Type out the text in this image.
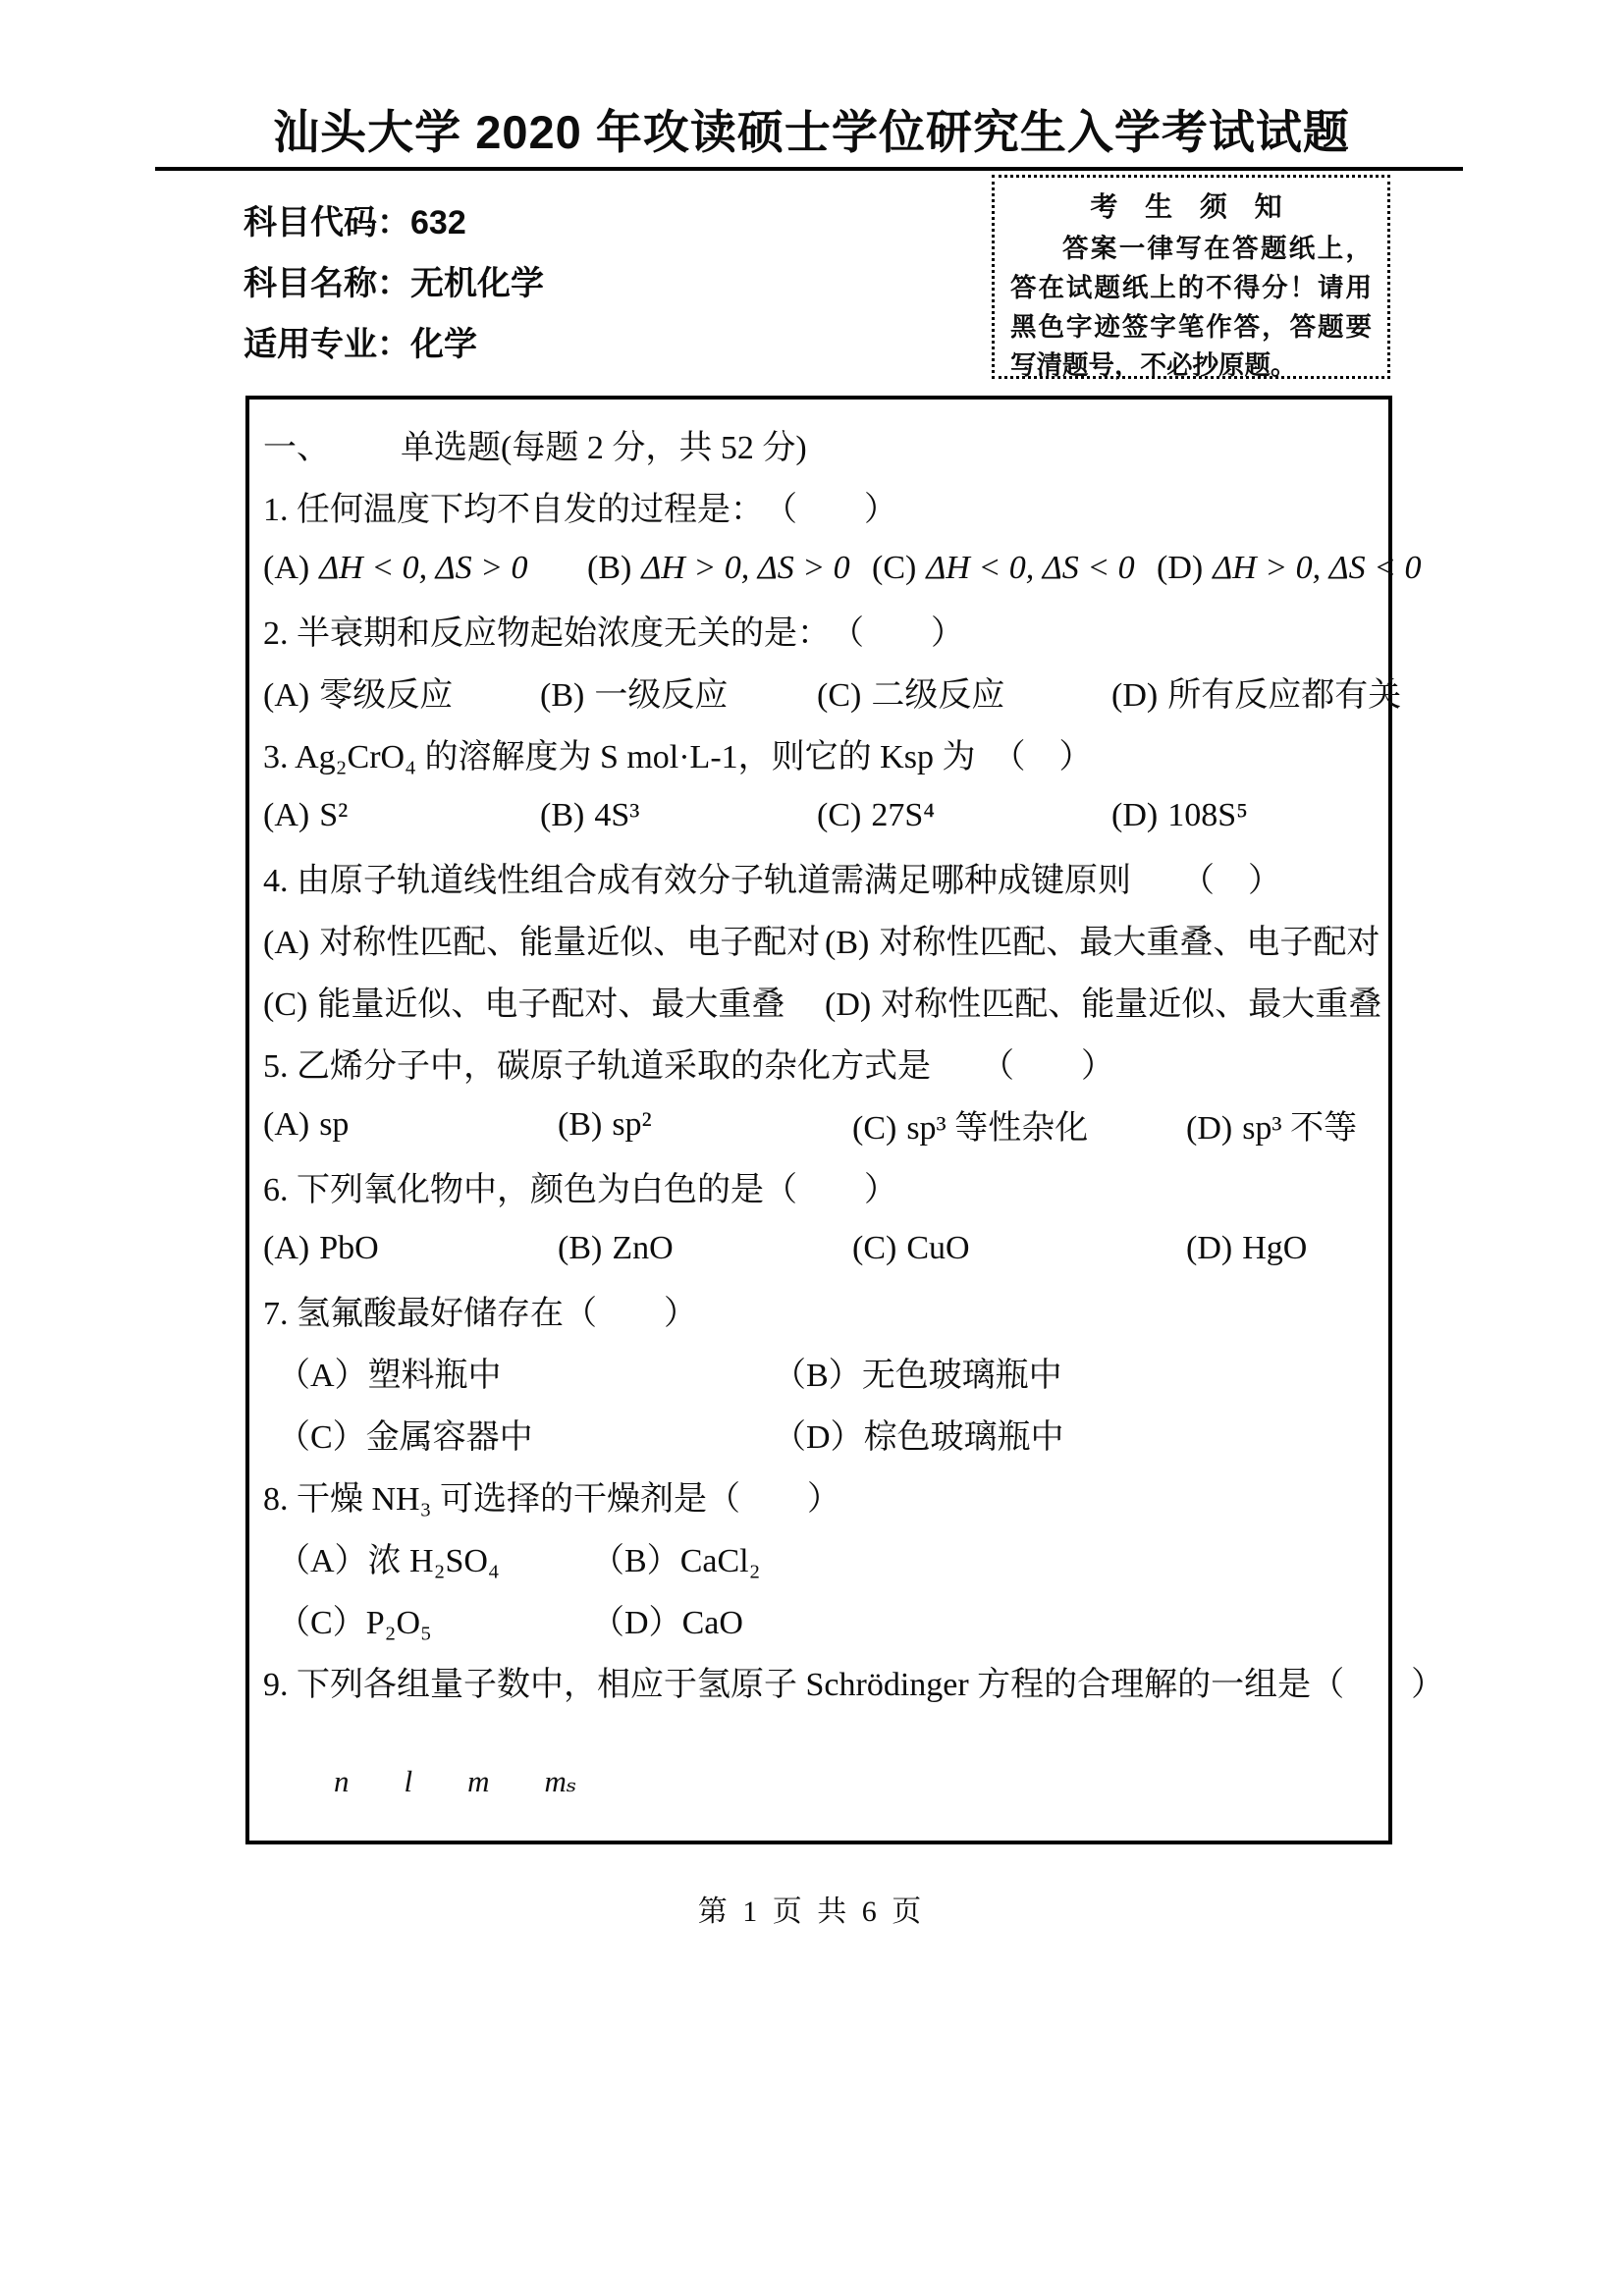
汕头大学 2020 年攻读硕士学位研究生入学考试试题
科目代码：632
科目名称：无机化学
适用专业：化学
考 生 须 知
答案一律写在答题纸上，答在试题纸上的不得分！请用黑色字迹签字笔作答，答题要写清题号，不必抄原题。
一、 单选题(每题 2 分，共 52 分)
1. 任何温度下均不自发的过程是：　（　　）
(A) ΔH < 0, ΔS > 0	(B) ΔH > 0, ΔS > 0 (C) ΔH < 0, ΔS < 0 (D) ΔH > 0, ΔS < 0
2. 半衰期和反应物起始浓度无关的是：　（　　）
(A) 零级反应	(B) 一级反应	(C) 二级反应	(D) 所有反应都有关
3. Ag₂CrO₄ 的溶解度为 S mol·L-1，则它的 Ksp 为　（　）
(A) S²	(B) 4S³	(C) 27S⁴	(D) 108S⁵
4. 由原子轨道线性组合成有效分子轨道需满足哪种成键原则　　（　）
(A) 对称性匹配、能量近似、电子配对 (B) 对称性匹配、最大重叠、电子配对
(C) 能量近似、电子配对、最大重叠	(D) 对称性匹配、能量近似、最大重叠
5. 乙烯分子中，碳原子轨道采取的杂化方式是　　（　　）
(A) sp	(B) sp²	(C) sp³ 等性杂化	(D) sp³ 不等
6. 下列氧化物中，颜色为白色的是（　　）
(A) PbO	(B) ZnO	(C) CuO	(D) HgO
7. 氢氟酸最好储存在（　　）
（A）塑料瓶中	（B）无色玻璃瓶中
（C）金属容器中	（D）棕色玻璃瓶中
8. 干燥 NH₃ 可选择的干燥剂是（　　）
（A）浓 H₂SO₄	（B）CaCl₂
（C）P₂O₅	（D）CaO
9. 下列各组量子数中，相应于氢原子 Schrödinger 方程的合理解的一组是（　　）
n l m mₛ
第 1 页 共 6 页
